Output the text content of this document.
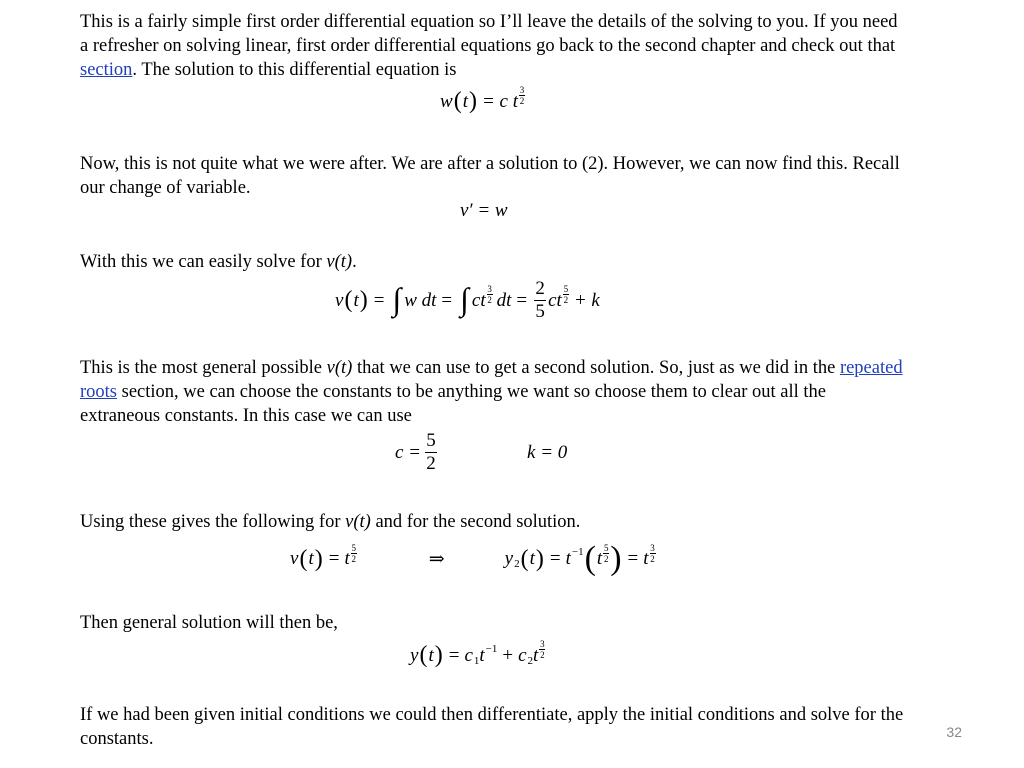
This is a fairly simple first order differential equation so I’ll leave the details of the solving to you. If you need a refresher on solving linear, first order differential equations go back to the second chapter and check out that section. The solution to this differential equation is
w ( t ) = c t $\frac{3}{2}$
Now, this is not quite what we were after. We are after a solution to (2). However, we can now find this. Recall our change of variable.
v′ = w
With this we can easily solve for v(t).
v ( t ) = ∫ w dt = ∫ ct $\frac{3}{2}$ dt = $\frac{2}{5}$ ct $\frac{5}{2} + k$
This is the most general possible v(t) that we can use to get a second solution. So, just as we did in the repeated roots section, we can choose the constants to be anything we want so choose them to clear out all the extraneous constants. In this case we can use
$c = \frac{5}{2}$	k = 0
Using these gives the following for v(t) and for the second solution.
v ( t ) = t $\frac{5}{2}$	⇒	y 2 ( t ) = t −1 ( t $\frac{5}{2}$ ) = t $\frac{3}{2}$
Then general solution will then be,
y ( t ) = c 1 t −1 + c 2 t $\frac{3}{2}$
If we had been given initial conditions we could then differentiate, apply the initial conditions and solve for the constants.	32
